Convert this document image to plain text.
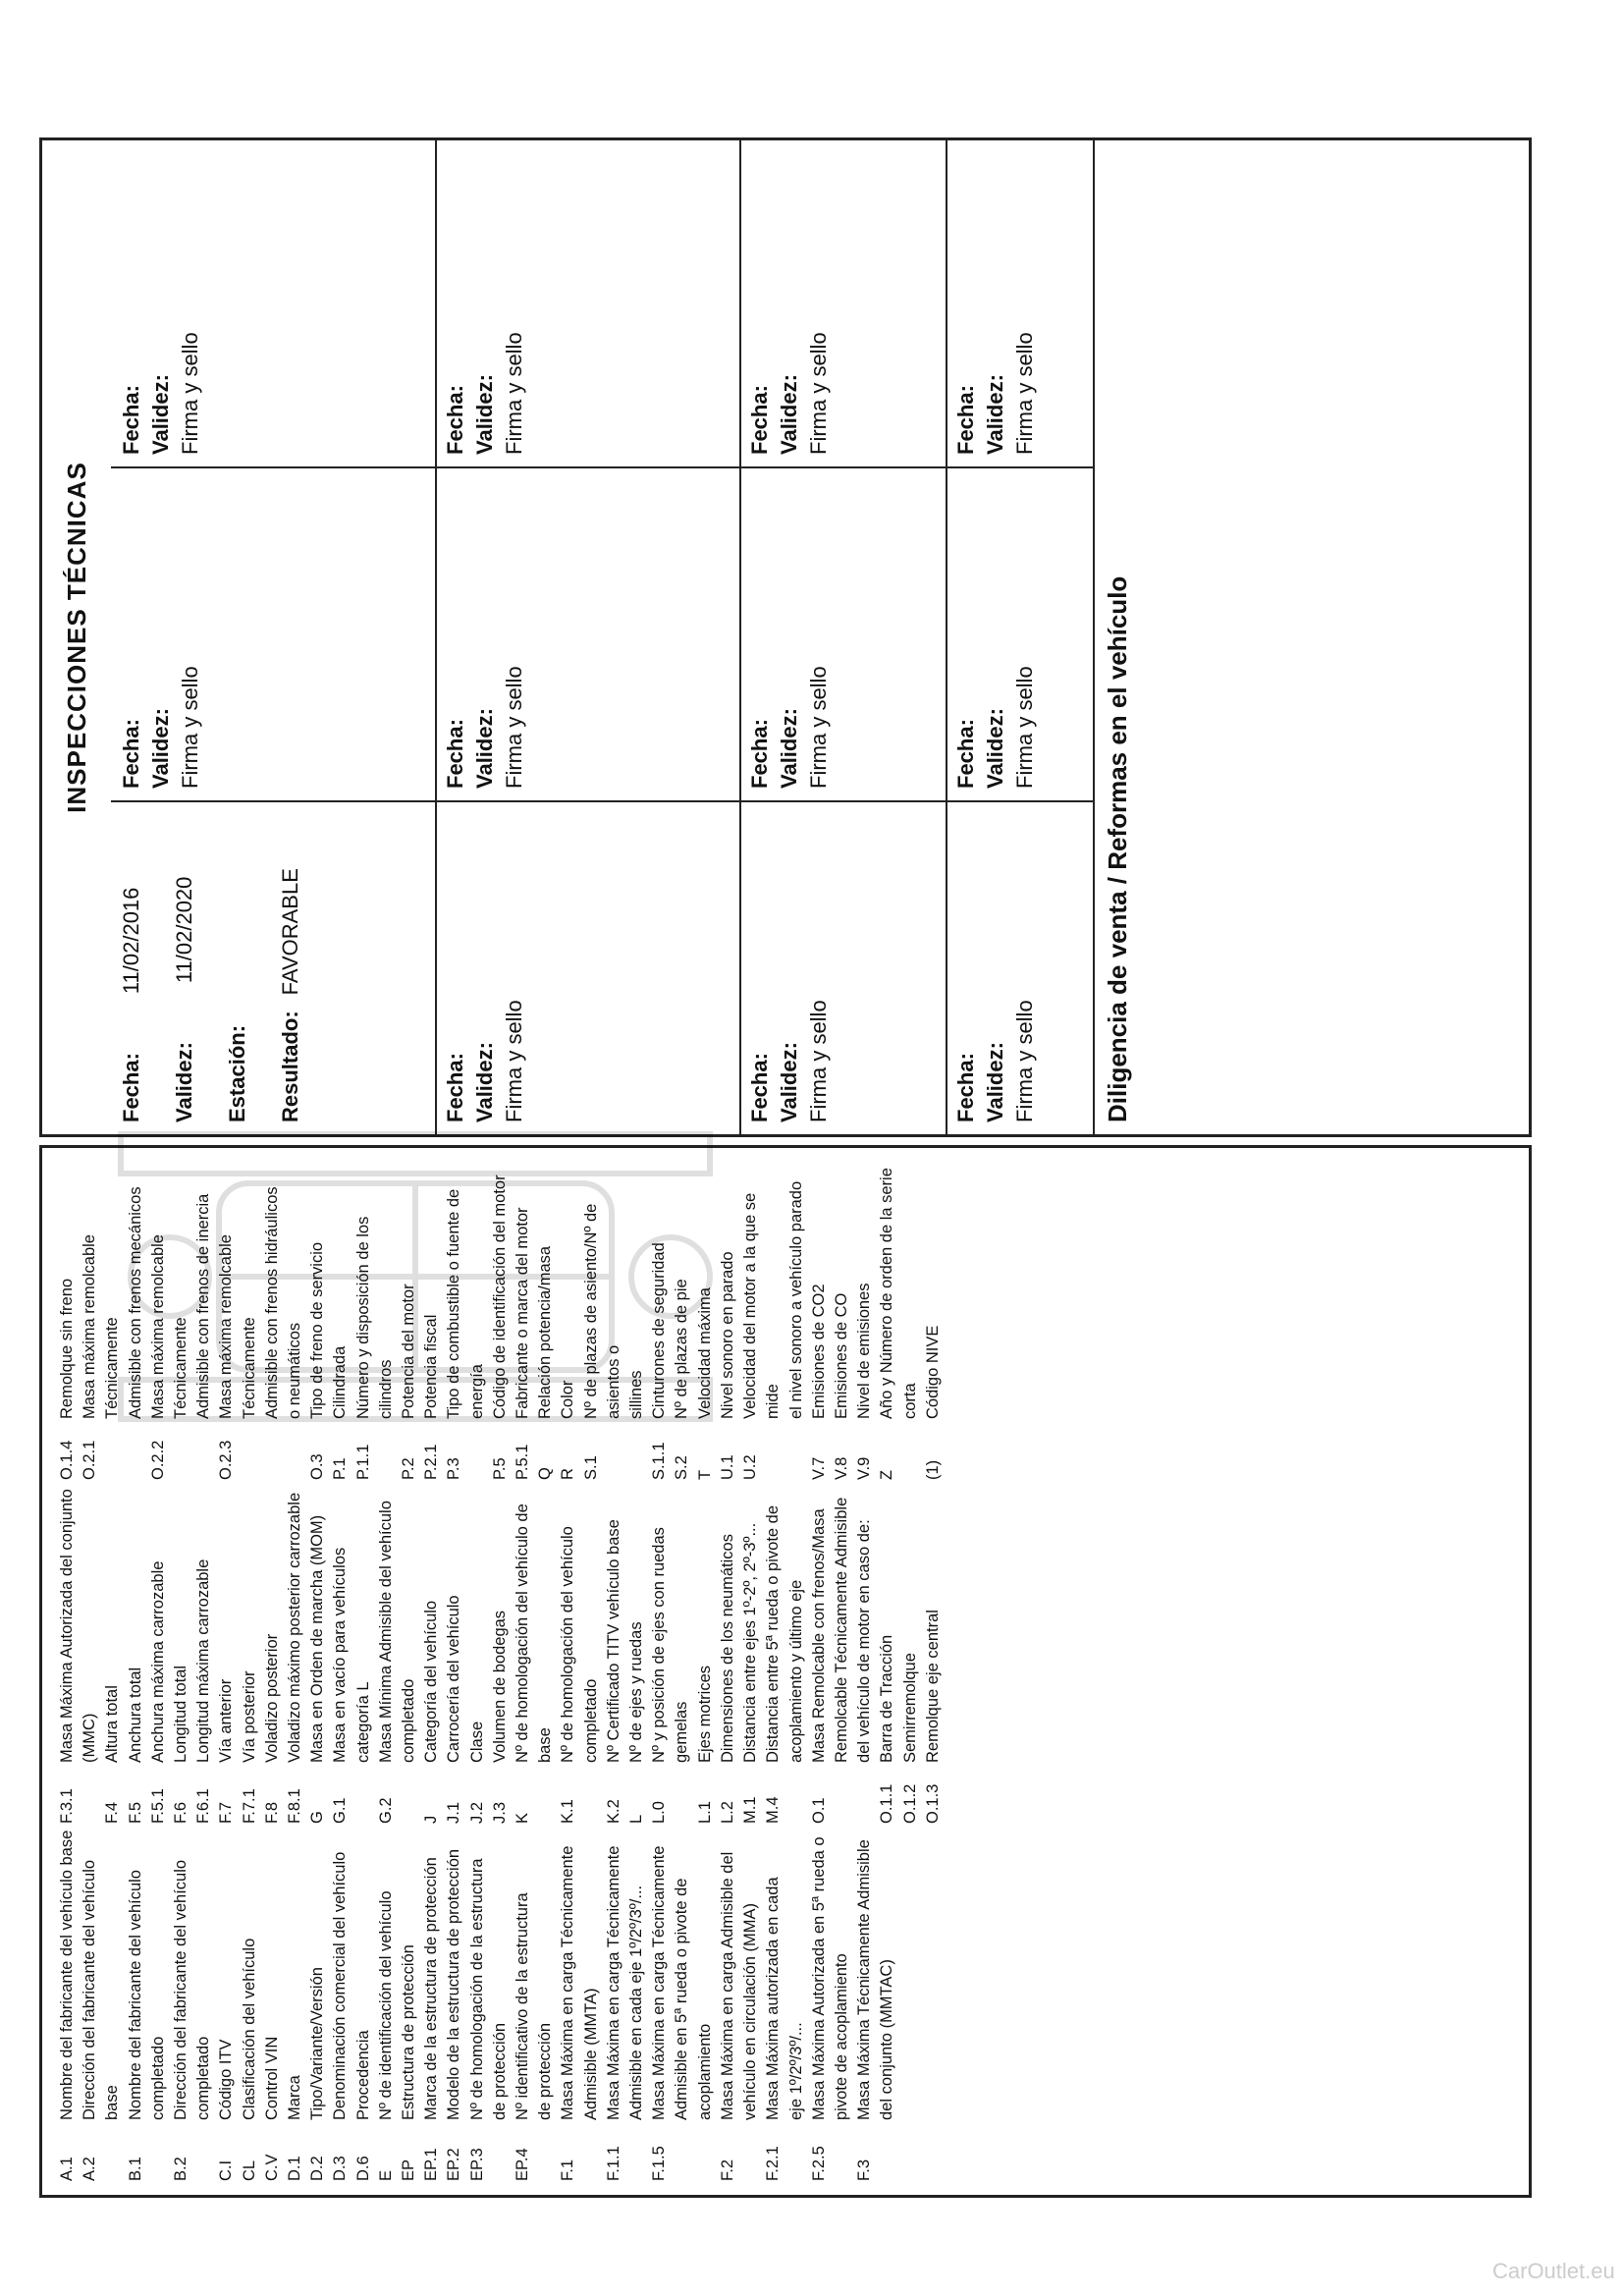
INSPECCIONES TÉCNICAS
Fecha:11/02/2016
Validez:11/02/2020
Estación: Resultado:FAVORABLE
Fecha: Validez: Firma y sello
Fecha: Validez: Firma y sello
Fecha: Validez: Firma y sello
Fecha: Validez: Firma y sello
Fecha: Validez: Firma y sello
Fecha: Validez: Firma y sello
Fecha: Validez: Firma y sello
Fecha: Validez: Firma y sello
Fecha: Validez: Firma y sello
Fecha: Validez: Firma y sello
Fecha: Validez: Firma y sello
Diligencia de venta / Reformas en el vehículo
A.1
Nombre del fabricante del vehículo base
A.2
Dirección del fabricante del vehículo base
B.1
Nombre del fabricante del vehículo completado
B.2
Dirección del fabricante del vehículo completado
C.I
Código ITV
CL
Clasificación del vehículo
C.V
Control VIN
D.1
Marca
D.2
Tipo/Variante/Versión
D.3
Denominación comercial del vehículo
D.6
Procedencia
E
Nº de identificación del vehículo
EP
Estructura de protección
EP.1
Marca de la estructura de protección
EP.2
Modelo de la estructura de protección
EP.3
Nº de homologación de la estructura de protección
EP.4
Nº identificativo de la estructura de protección
F.1
Masa Máxima en carga Técnicamente Admisible (MMTA)
F.1.1
Masa Máxima en carga Técnicamente Admisible en cada eje 1º/2º/3º/...
F.1.5
Masa Máxima en carga Técnicamente Admisible en 5ª rueda o pivote de acoplamiento
F.2
Masa Máxima en carga Admisible del vehículo en circulación (MMA)
F.2.1
Masa Máxima autorizada en cada eje 1º/2º/3º/...
F.2.5
Masa Máxima Autorizada en 5ª rueda o pivote de acoplamiento
F.3
Masa Máxima Técnicamente Admisible del conjunto (MMTAC)
F.3.1
Masa Máxima Autorizada del conjunto (MMC)
F.4
Altura total
F.5
Anchura total
F.5.1
Anchura máxima carrozable
F.6
Longitud total
F.6.1
Longitud máxima carrozable
F.7
Vía anterior
F.7.1
Vía posterior
F.8
Voladizo posterior
F.8.1
Voladizo máximo posterior carrozable
G
Masa en Orden de marcha (MOM)
G.1
Masa en vacío para vehículos categoría L
G.2
Masa Mínima Admisible del vehículo completado
J
Categoría del vehículo
J.1
Carrocería del vehículo
J.2
Clase
J.3
Volumen de bodegas
K
Nº de homologación del vehículo de base
K.1
Nº de homologación del vehículo completado
K.2
Nº Certificado TITV vehículo base
L
Nº de ejes y ruedas
L.0
Nº y posición de ejes con ruedas gemelas
L.1
Ejes motrices
L.2
Dimensiones de los neumáticos
M.1
Distancia entre ejes 1º-2º, 2º-3º...
M.4
Distancia entre 5ª rueda o pivote de acoplamiento y último eje
O.1
Masa Remolcable con frenos/Masa Remolcable Técnicamente Admisible del vehículo de motor en caso de:
O.1.1
Barra de Tracción
O.1.2
Semirremolque
O.1.3
Remolque eje central
O.1.4
Remolque sin freno
O.2.1
Masa máxima remolcable Técnicamente Admisible con frenos mecánicos
O.2.2
Masa máxima remolcable Técnicamente Admisible con frenos de inercia
O.2.3
Masa máxima remolcable Técnicamente Admisible con frenos hidráulicos o neumáticos
O.3
Tipo de freno de servicio
P.1
Cilindrada
P.1.1
Número y disposición de los cilindros
P.2
Potencia del motor
P.2.1
Potencia fiscal
P.3
Tipo de combustible o fuente de energía
P.5
Código de identificación del motor
P.5.1
Fabricante o marca del motor
Q
Relación potencia/masa
R
Color
S.1
Nº de plazas de asiento/Nº de asientos o sillines
S.1.1
Cinturones de seguridad
S.2
Nº de plazas de pie
T
Velocidad máxima
U.1
Nivel sonoro en parado
U.2
Velocidad del motor a la que se mide el nivel sonoro a vehículo parado
V.7
Emisiones de CO2
V.8
Emisiones de CO
V.9
Nivel de emisiones
Z
Año y Número de orden de la serie corta
(1)
Código NIVE
CarOutlet.eu
